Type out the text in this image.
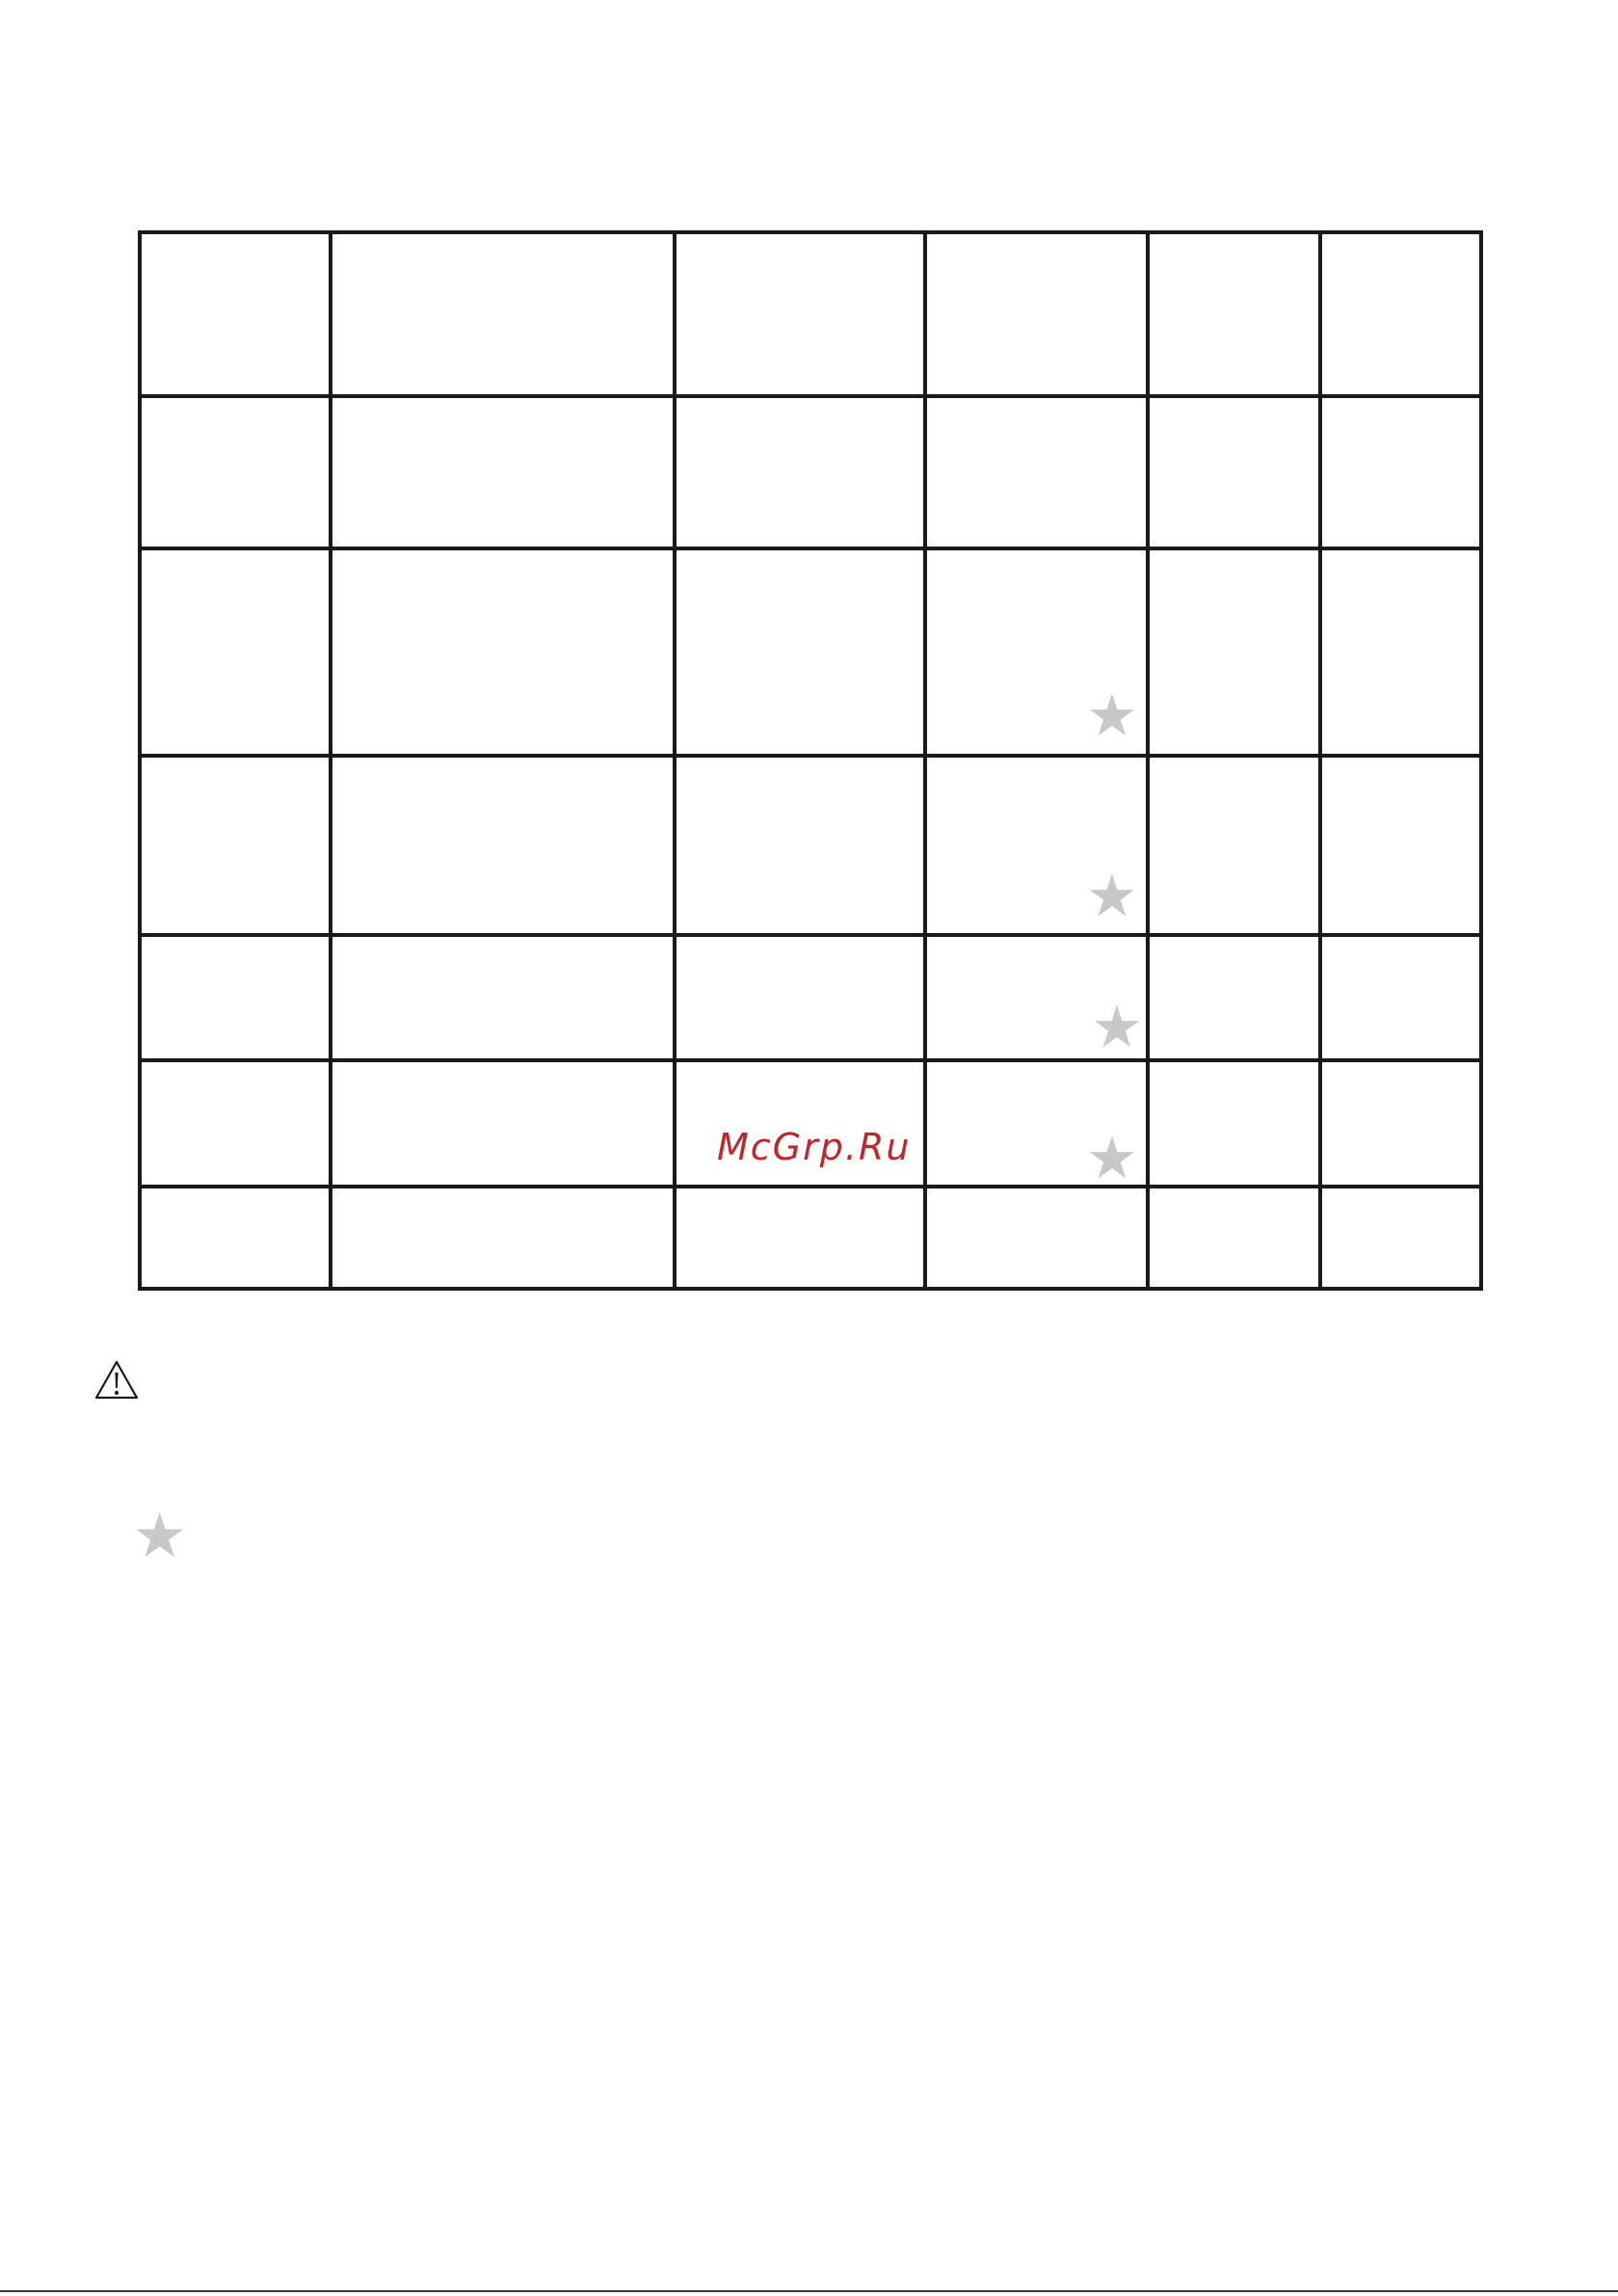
★
★
★
★
McGrp.Ru
★
